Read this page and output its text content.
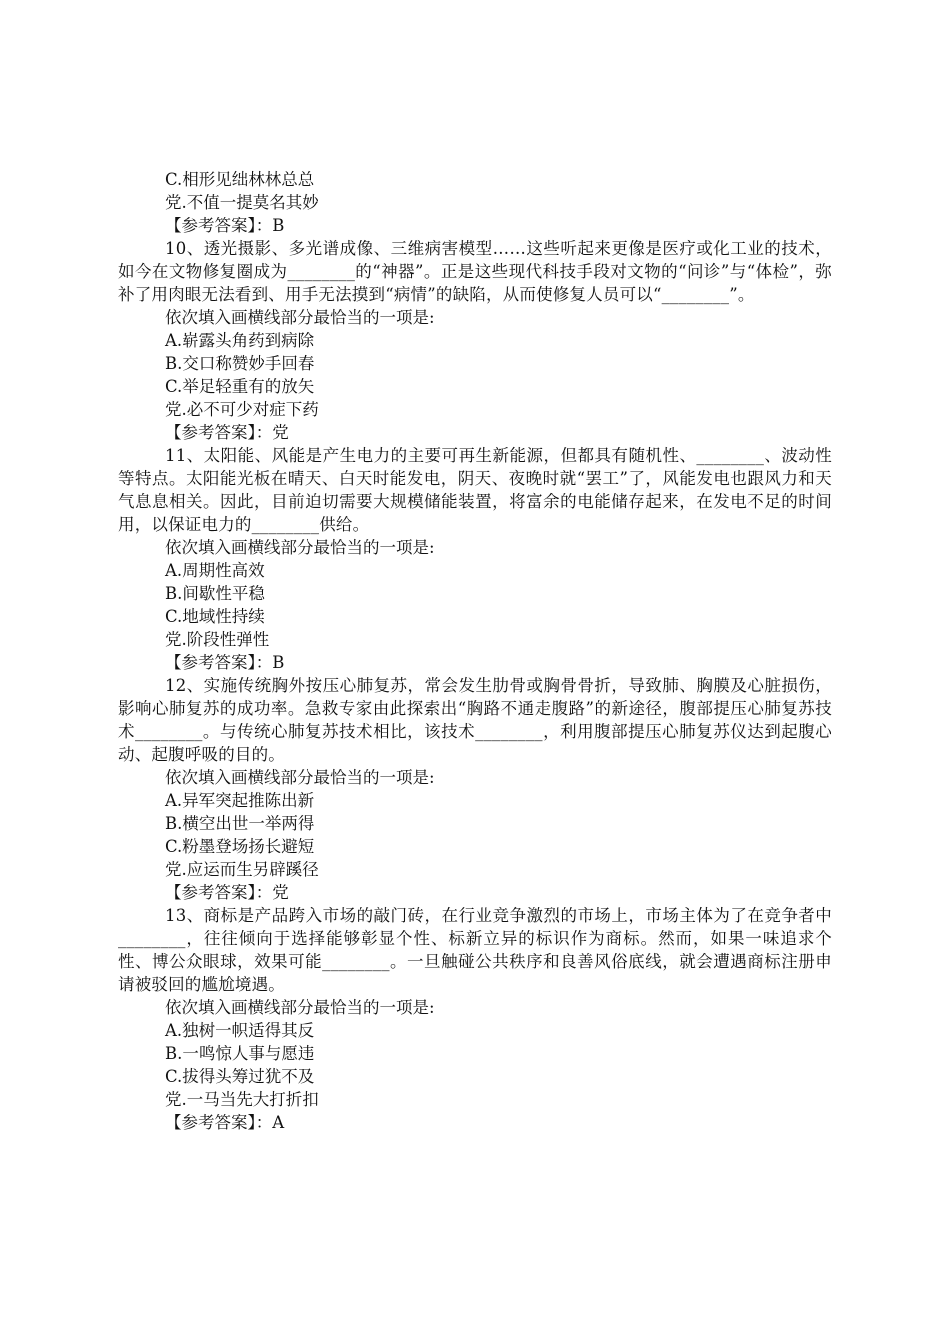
C.相形见绌林林总总
党.不值一提莫名其妙
【参考答案】：B
10、透光摄影、多光谱成像、三维病害模型……这些听起来更像是医疗或化工业的技术，如今在文物修复圈成为________的“神器”。正是这些现代科技手段对文物的“问诊”与“体检”，弥补了用肉眼无法看到、用手无法摸到“病情”的缺陷，从而使修复人员可以“________”。
依次填入画横线部分最恰当的一项是:
A.崭露头角药到病除
B.交口称赞妙手回春
C.举足轻重有的放矢
党.必不可少对症下药
【参考答案】：党
11、太阳能、风能是产生电力的主要可再生新能源，但都具有随机性、________、波动性等特点。太阳能光板在晴天、白天时能发电，阴天、夜晚时就“罢工”了，风能发电也跟风力和天气息息相关。因此，目前迫切需要大规模储能装置，将富余的电能储存起来，在发电不足的时间用，以保证电力的________供给。
依次填入画横线部分最恰当的一项是:
A.周期性高效
B.间歇性平稳
C.地域性持续
党.阶段性弹性
【参考答案】：B
12、实施传统胸外按压心肺复苏，常会发生肋骨或胸骨骨折，导致肺、胸膜及心脏损伤，影响心肺复苏的成功率。急救专家由此探索出“胸路不通走腹路”的新途径，腹部提压心肺复苏技术________。与传统心肺复苏技术相比，该技术________，利用腹部提压心肺复苏仪达到起腹心动、起腹呼吸的目的。
依次填入画横线部分最恰当的一项是:
A.异军突起推陈出新
B.横空出世一举两得
C.粉墨登场扬长避短
党.应运而生另辟蹊径
【参考答案】：党
13、商标是产品跨入市场的敲门砖，在行业竞争激烈的市场上，市场主体为了在竞争者中________，往往倾向于选择能够彰显个性、标新立异的标识作为商标。然而，如果一味追求个性、博公众眼球，效果可能________。一旦触碰公共秩序和良善风俗底线，就会遭遇商标注册申请被驳回的尴尬境遇。
依次填入画横线部分最恰当的一项是:
A.独树一帜适得其反
B.一鸣惊人事与愿违
C.拔得头筹过犹不及
党.一马当先大打折扣
【参考答案】：A
